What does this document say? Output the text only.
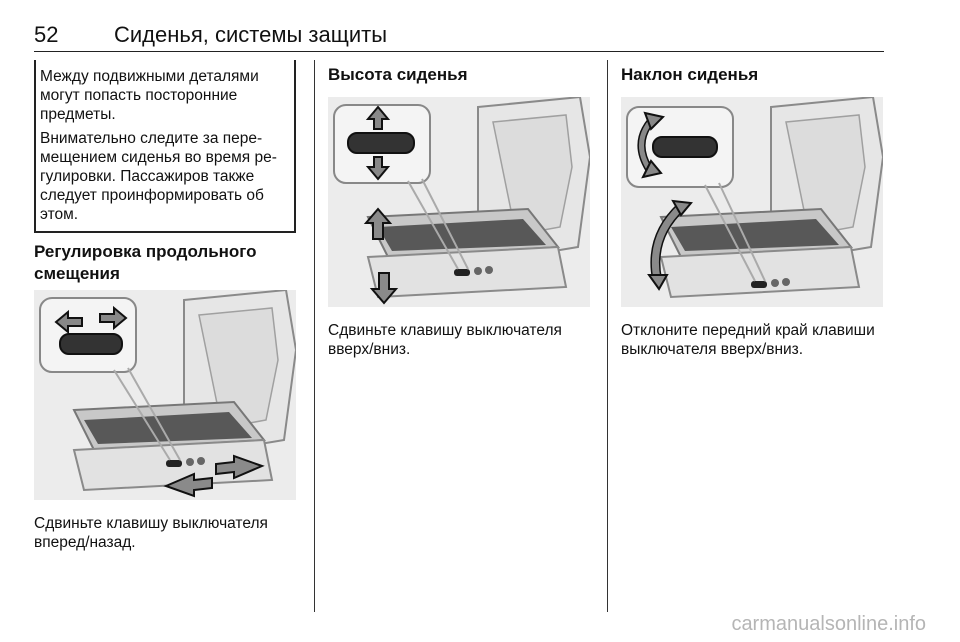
52	Сиденья, системы защиты

Между подвижными деталями могут попасть посторонние предметы.

Внимательно следите за пере-мещением сиденья во время ре-гулировки. Пассажиров также следует проинформировать об этом.

Регулировка продольного смещения
Сдвиньте клавишу выключателя вперед/назад.
Высота сиденья
Сдвиньте клавишу выключателя вверх/вниз.
Наклон сиденья
Отклоните передний край клавиши выключателя вверх/вниз.
carmanualsonline.info
